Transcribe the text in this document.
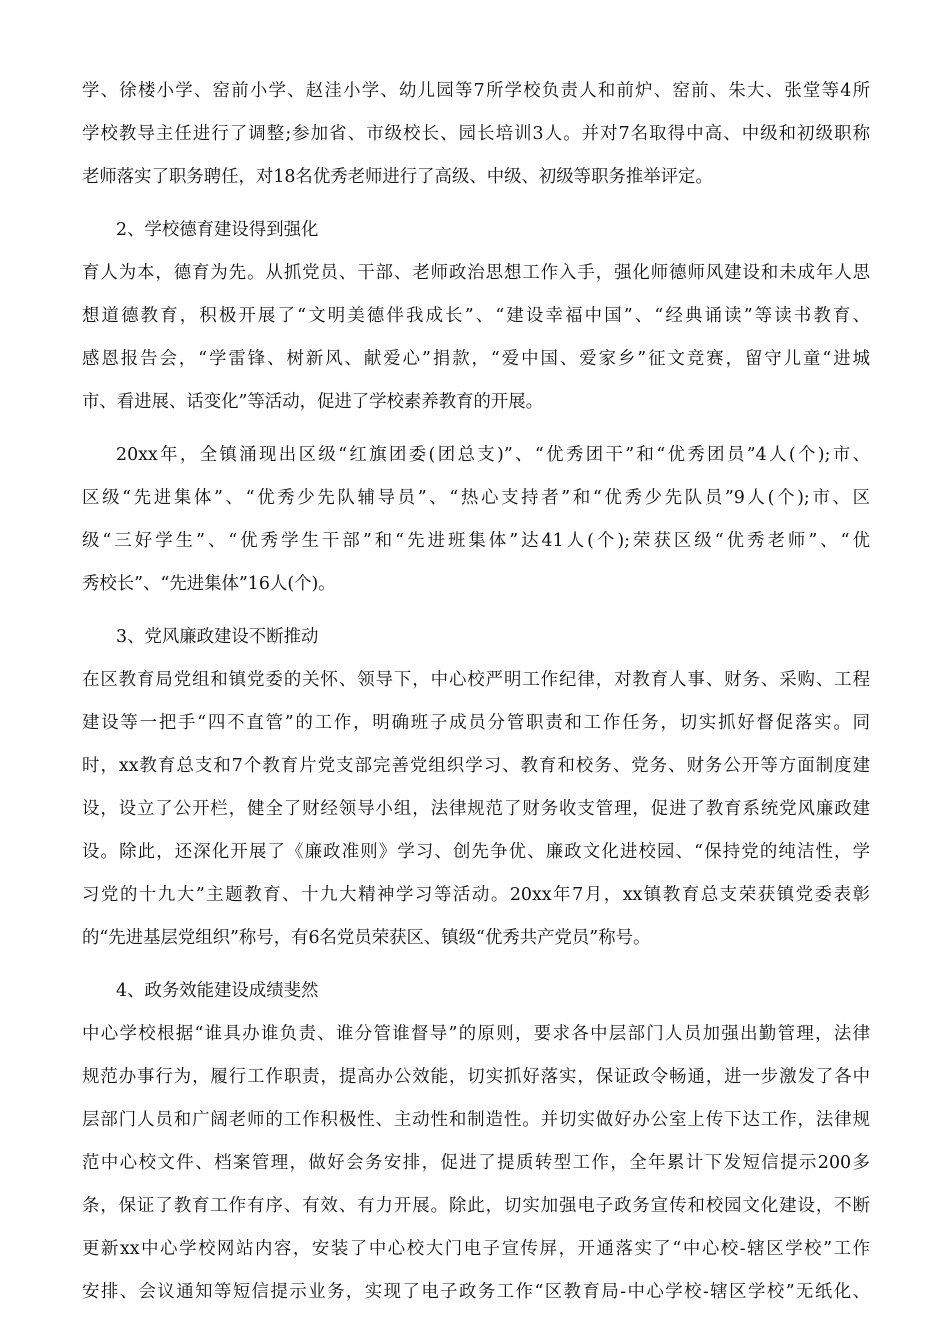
学、徐楼小学、窑前小学、赵洼小学、幼儿园等7所学校负责人和前炉、窑前、朱大、张堂等4所
学校教导主任进行了调整;参加省、市级校长、园长培训3人。并对7名取得中高、中级和初级职称
老师落实了职务聘任，对18名优秀老师进行了高级、中级、初级等职务推举评定。
2、学校德育建设得到强化
育人为本，德育为先。从抓党员、干部、老师政治思想工作入手，强化师德师风建设和未成年人思
想道德教育，积极开展了“文明美德伴我成长”、“建设幸福中国”、“经典诵读”等读书教育、
感恩报告会，“学雷锋、树新风、献爱心”捐款，“爱中国、爱家乡”征文竞赛，留守儿童“进城
市、看进展、话变化”等活动，促进了学校素养教育的开展。
20xx年，全镇涌现出区级“红旗团委(团总支)”、“优秀团干”和“优秀团员”4人(个);市、
区级“先进集体”、“优秀少先队辅导员”、“热心支持者”和“优秀少先队员”9人(个);市、区
级“三好学生”、“优秀学生干部”和“先进班集体”达41人(个);荣获区级“优秀老师”、“优
秀校长”、“先进集体”16人(个)。
3、党风廉政建设不断推动
在区教育局党组和镇党委的关怀、领导下，中心校严明工作纪律，对教育人事、财务、采购、工程
建设等一把手“四不直管”的工作，明确班子成员分管职责和工作任务，切实抓好督促落实。同
时，xx教育总支和7个教育片党支部完善党组织学习、教育和校务、党务、财务公开等方面制度建
设，设立了公开栏，健全了财经领导小组，法律规范了财务收支管理，促进了教育系统党风廉政建
设。除此，还深化开展了《廉政准则》学习、创先争优、廉政文化进校园、“保持党的纯洁性，学
习党的十九大”主题教育、十九大精神学习等活动。20xx年7月，xx镇教育总支荣获镇党委表彰
的“先进基层党组织”称号，有6名党员荣获区、镇级“优秀共产党员”称号。
4、政务效能建设成绩斐然
中心学校根据“谁具办谁负责、谁分管谁督导”的原则，要求各中层部门人员加强出勤管理，法律
规范办事行为，履行工作职责，提高办公效能，切实抓好落实，保证政令畅通，进一步激发了各中
层部门人员和广阔老师的工作积极性、主动性和制造性。并切实做好办公室上传下达工作，法律规
范中心校文件、档案管理，做好会务安排，促进了提质转型工作，全年累计下发短信提示200多
条，保证了教育工作有序、有效、有力开展。除此，切实加强电子政务宣传和校园文化建设，不断
更新xx中心学校网站内容，安装了中心校大门电子宣传屏，开通落实了“中心校-辖区学校”工作
安排、会议通知等短信提示业务，实现了电子政务工作“区教育局-中心学校-辖区学校”无纸化、
